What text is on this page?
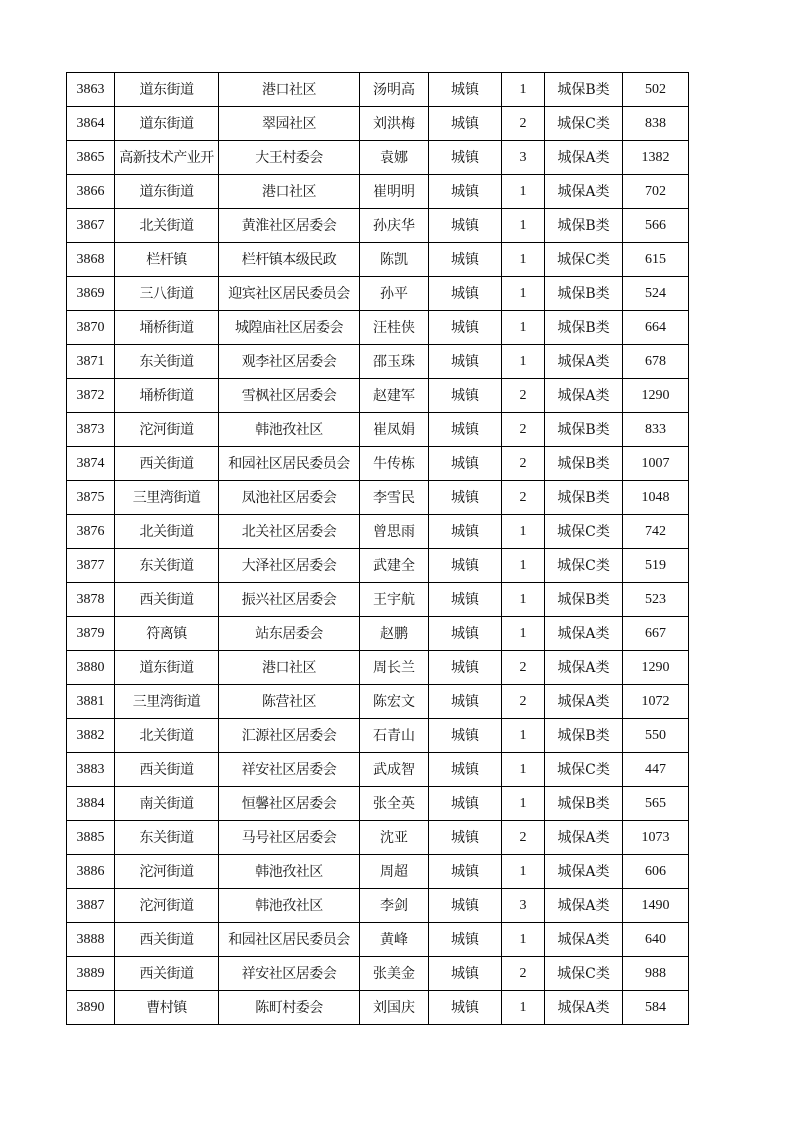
3863	道东街道	港口社区	汤明高	城镇	1	城保B类	502
3864	道东街道	翠园社区	刘洪梅	城镇	2	城保C类	838
3865	高新技术产业开	大王村委会	袁娜	城镇	3	城保A类	1382
3866	道东街道	港口社区	崔明明	城镇	1	城保A类	702
3867	北关街道	黄淮社区居委会	孙庆华	城镇	1	城保B类	566
3868	栏杆镇	栏杆镇本级民政	陈凯	城镇	1	城保C类	615
3869	三八街道	迎宾社区居民委员会	孙平	城镇	1	城保B类	524
3870	埇桥街道	城隍庙社区居委会	汪桂侠	城镇	1	城保B类	664
3871	东关街道	观李社区居委会	邵玉珠	城镇	1	城保A类	678
3872	埇桥街道	雪枫社区居委会	赵建军	城镇	2	城保A类	1290
3873	沱河街道	韩池孜社区	崔凤娟	城镇	2	城保B类	833
3874	西关街道	和园社区居民委员会	牛传栋	城镇	2	城保B类	1007
3875	三里湾街道	凤池社区居委会	李雪民	城镇	2	城保B类	1048
3876	北关街道	北关社区居委会	曾思雨	城镇	1	城保C类	742
3877	东关街道	大泽社区居委会	武建全	城镇	1	城保C类	519
3878	西关街道	振兴社区居委会	王宇航	城镇	1	城保B类	523
3879	符离镇	站东居委会	赵鹏	城镇	1	城保A类	667
3880	道东街道	港口社区	周长兰	城镇	2	城保A类	1290
3881	三里湾街道	陈营社区	陈宏文	城镇	2	城保A类	1072
3882	北关街道	汇源社区居委会	石青山	城镇	1	城保B类	550
3883	西关街道	祥安社区居委会	武成智	城镇	1	城保C类	447
3884	南关街道	恒馨社区居委会	张全英	城镇	1	城保B类	565
3885	东关街道	马号社区居委会	沈亚	城镇	2	城保A类	1073
3886	沱河街道	韩池孜社区	周超	城镇	1	城保A类	606
3887	沱河街道	韩池孜社区	李剑	城镇	3	城保A类	1490
3888	西关街道	和园社区居民委员会	黄峰	城镇	1	城保A类	640
3889	西关街道	祥安社区居委会	张美金	城镇	2	城保C类	988
3890	曹村镇	陈町村委会	刘国庆	城镇	1	城保A类	584
